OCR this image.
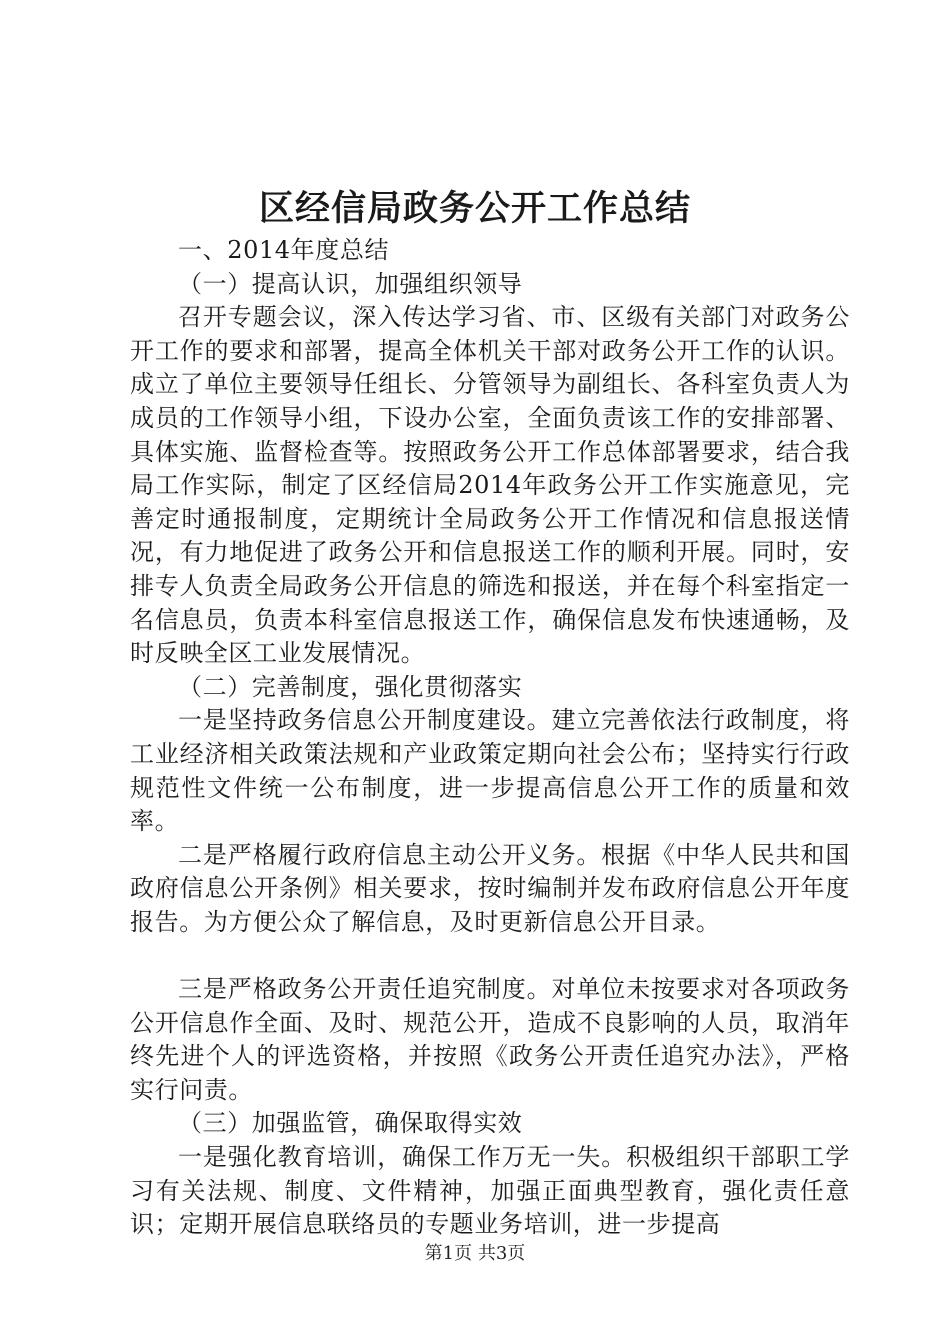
区经信局政务公开工作总结

一、2014年度总结

（一）提高认识，加强组织领导

召开专题会议，深入传达学习省、市、区级有关部门对政务公开工作的要求和部署，提高全体机关干部对政务公开工作的认识。成立了单位主要领导任组长、分管领导为副组长、各科室负责人为成员的工作领导小组，下设办公室，全面负责该工作的安排部署、具体实施、监督检查等。按照政务公开工作总体部署要求，结合我局工作实际，制定了区经信局2014年政务公开工作实施意见，完善定时通报制度，定期统计全局政务公开工作情况和信息报送情况，有力地促进了政务公开和信息报送工作的顺利开展。同时，安排专人负责全局政务公开信息的筛选和报送，并在每个科室指定一名信息员，负责本科室信息报送工作，确保信息发布快速通畅，及时反映全区工业发展情况。

（二）完善制度，强化贯彻落实

一是坚持政务信息公开制度建设。建立完善依法行政制度，将工业经济相关政策法规和产业政策定期向社会公布；坚持实行行政规范性文件统一公布制度，进一步提高信息公开工作的质量和效率。

二是严格履行政府信息主动公开义务。根据《中华人民共和国政府信息公开条例》相关要求，按时编制并发布政府信息公开年度报告。为方便公众了解信息，及时更新信息公开目录。

三是严格政务公开责任追究制度。对单位未按要求对各项政务公开信息作全面、及时、规范公开，造成不良影响的人员，取消年终先进个人的评选资格，并按照《政务公开责任追究办法》，严格实行问责。

（三）加强监管，确保取得实效

一是强化教育培训，确保工作万无一失。积极组织干部职工学习有关法规、制度、文件精神，加强正面典型教育，强化责任意识；定期开展信息联络员的专题业务培训，进一步提高

第1页 共3页
